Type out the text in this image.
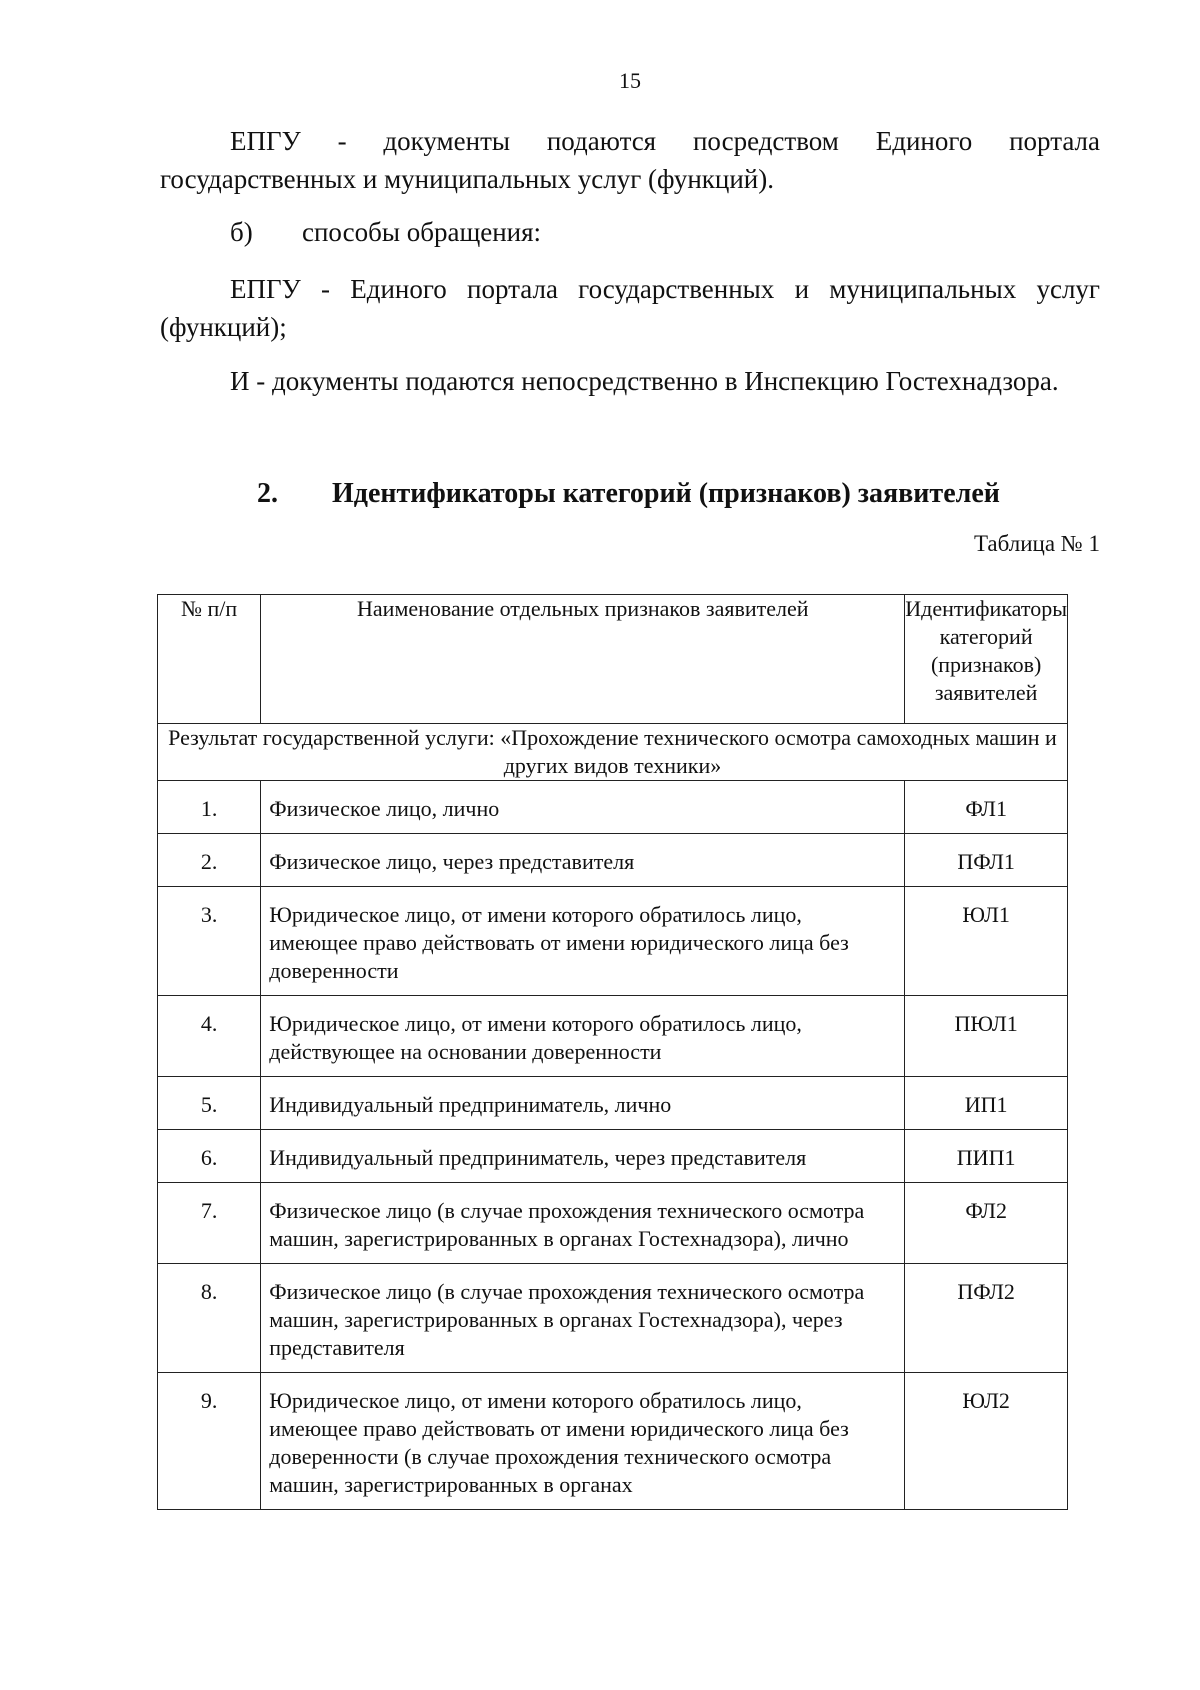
15

ЕПГУ - документы подаются посредством Единого портала государственных и муниципальных услуг (функций).

б) способы обращения:

ЕПГУ - Единого портала государственных и муниципальных услуг (функций);

И - документы подаются непосредственно в Инспекцию Гостехнадзора.

2. Идентификаторы категорий (признаков) заявителей
Таблица № 1
№ п/п	Наименование отдельных признаков заявителей	Идентификаторы категорий (признаков) заявителей
Результат государственной услуги: «Прохождение технического осмотра самоходных машин и других видов техники»		
1.	Физическое лицо, лично	ФЛ1
2.	Физическое лицо, через представителя	ПФЛ1
3.	Юридическое лицо, от имени которого обратилось лицо, имеющее право действовать от имени юридического лица без доверенности	ЮЛ1
4.	Юридическое лицо, от имени которого обратилось лицо, действующее на основании доверенности	ПЮЛ1
5.	Индивидуальный предприниматель, лично	ИП1
6.	Индивидуальный предприниматель, через представителя	ПИП1
7.	Физическое лицо (в случае прохождения технического осмотра машин, зарегистрированных в органах Гостехнадзора), лично	ФЛ2
8.	Физическое лицо (в случае прохождения технического осмотра машин, зарегистрированных в органах Гостехнадзора), через представителя	ПФЛ2
9.	Юридическое лицо, от имени которого обратилось лицо, имеющее право действовать от имени юридического лица без доверенности (в случае прохождения технического осмотра машин, зарегистрированных в органах	ЮЛ2
